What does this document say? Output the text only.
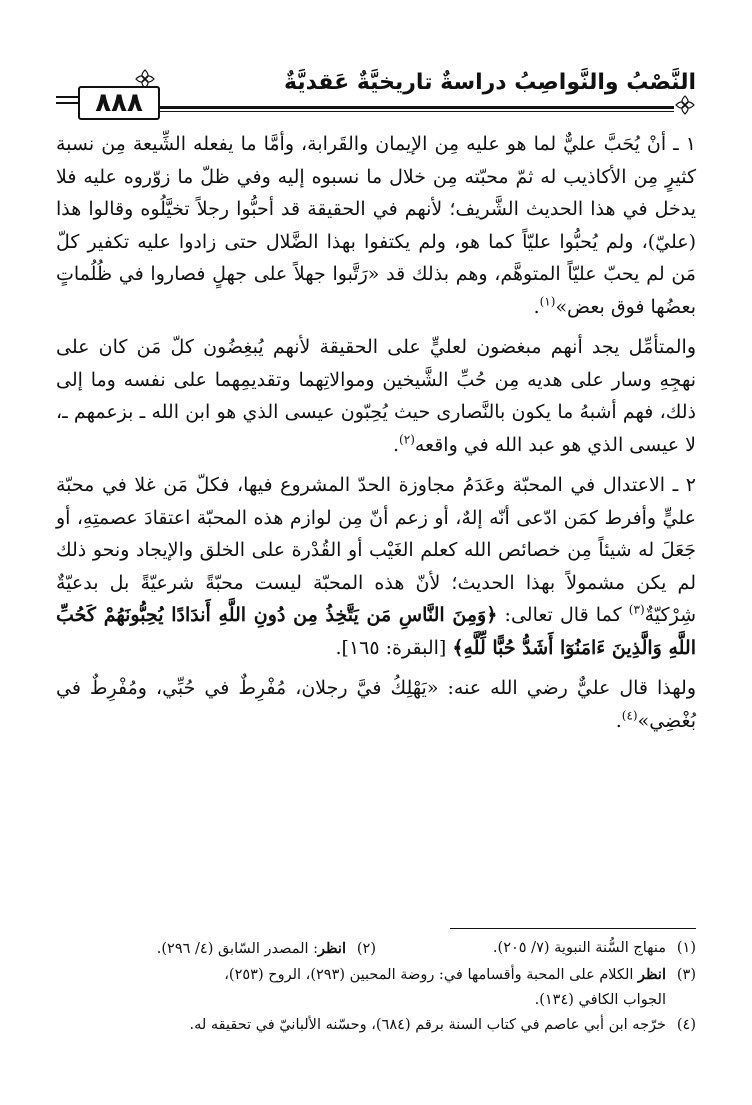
النَّصْبُ والنَّواصِبُ دراسةٌ تاريخيَّةٌ عَقديَّةٌ
٨٨٨

١ ـ أنْ يُحَبَّ عليٌّ لما هو عليه مِن الإيمان والقَرابة، وأمَّا ما يفعله الشِّيعة مِن نسبة كثيرٍ مِن الأكاذيب له ثمّ محبّته مِن خلال ما نسبوه إليه وفي ظلّ ما زوّروه عليه فلا يدخل في هذا الحديث الشَّريف؛ لأنهم في الحقيقة قد أحبُّوا رجلاً تخيَّلُوه وقالوا هذا (عليّ)، ولم يُحبُّوا عليّاً كما هو، ولم يكتفوا بهذا الضَّلال حتى زادوا عليه تكفير كلّ مَن لم يحبّ عليّاً المتوهَّم، وهم بذلك قد «رَتَّبوا جهلاً على جهلٍ فصاروا في ظُلُماتٍ بعضُها فوق بعض»$^{(١)}$.

والمتأمِّل يجد أنهم مبغضون لعليٍّ على الحقيقة لأنهم يُبغِضُون كلّ مَن كان على نهجِهِ وسار على هديه مِن حُبِّ الشَّيخين وموالاتِهما وتقديمِهما على نفسه وما إلى ذلك، فهم أشبهُ ما يكون بالنَّصارى حيث يُحِبّون عيسى الذي هو ابن الله ـ بزعمهم ـ، لا عيسى الذي هو عبد الله في واقعه$^{(٢)}$.

٢ ـ الاعتدال في المحبّة وعَدَمُ مجاوزة الحدّ المشروع فيها، فكلّ مَن غلا في محبّة عليٍّ وأفرط كمَن ادّعى أنّه إلهٌ، أو زعم أنّ مِن لوازم هذه المحبّة اعتقادَ عصمتِهِ، أو جَعَلَ له شيئاً مِن خصائص الله كعلم الغَيْب أو القُدْرة على الخلق والإيجاد ونحو ذلك لم يكن مشمولاً بهذا الحديث؛ لأنّ هذه المحبّة ليست محبّةً شرعيّةً بل بدعيّةٌ شِرْكيّةٌ$^{(٣)}$ كما قال تعالى: ﴿وَمِنَ النَّاسِ مَن يَتَّخِذُ مِن دُونِ اللَّهِ أَندَادًا يُحِبُّونَهُمْ كَحُبِّ اللَّهِ وَالَّذِينَ ءَامَنُوٓا أَشَدُّ حُبًّا لِّلَّهِ﴾ [البقرة: ١٦٥].

ولهذا قال عليٌّ رضي الله عنه: «يَهْلِكُ فيَّ رجلان، مُفْرِطٌ في حُبِّي، ومُفْرِطٌ في بُغْضِي»$^{(٤)}$.

(١)منهاج السُّنة النبوية (٧/ ٢٠٥).
(٢)انظر: المصدر السّابق (٤/ ٢٩٦).
(٣)انظر الكلام على المحبة وأقسامها في: روضة المحبين (٢٩٣)، الروح (٢٥٣)،
الجواب الكافي (١٣٤).
(٤)خرّجه ابن أبي عاصم في كتاب السنة برقم (٦٨٤)، وحسّنه الألبانيّ في تحقيقه له.
